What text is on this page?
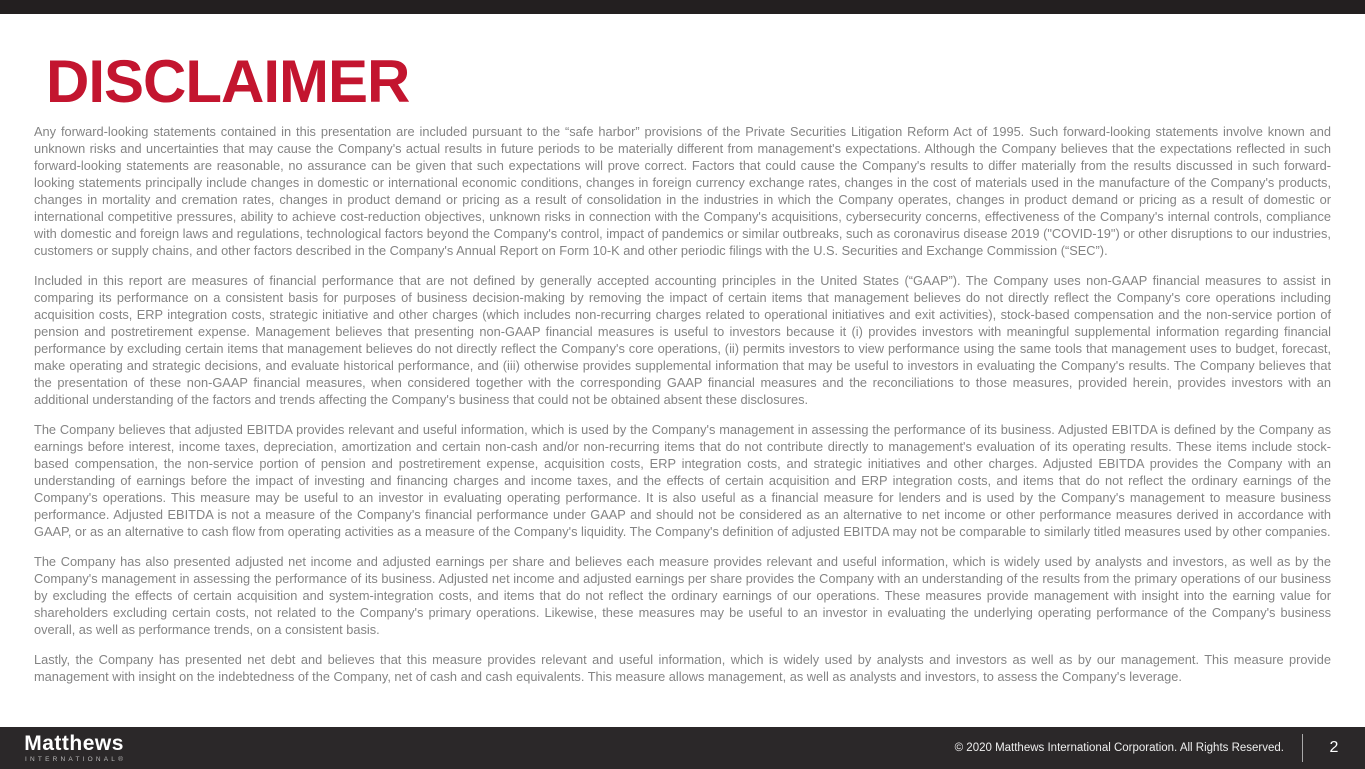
DISCLAIMER

Any forward-looking statements contained in this presentation are included pursuant to the “safe harbor” provisions of the Private Securities Litigation Reform Act of 1995. Such forward-looking statements involve known and unknown risks and uncertainties that may cause the Company's actual results in future periods to be materially different from management's expectations. Although the Company believes that the expectations reflected in such forward-looking statements are reasonable, no assurance can be given that such expectations will prove correct. Factors that could cause the Company's results to differ materially from the results discussed in such forward-looking statements principally include changes in domestic or international economic conditions, changes in foreign currency exchange rates, changes in the cost of materials used in the manufacture of the Company's products, changes in mortality and cremation rates, changes in product demand or pricing as a result of consolidation in the industries in which the Company operates, changes in product demand or pricing as a result of domestic or international competitive pressures, ability to achieve cost-reduction objectives, unknown risks in connection with the Company's acquisitions, cybersecurity concerns, effectiveness of the Company's internal controls, compliance with domestic and foreign laws and regulations, technological factors beyond the Company's control, impact of pandemics or similar outbreaks, such as coronavirus disease 2019 ("COVID-19") or other disruptions to our industries, customers or supply chains, and other factors described in the Company's Annual Report on Form 10-K and other periodic filings with the U.S. Securities and Exchange Commission (“SEC”).

Included in this report are measures of financial performance that are not defined by generally accepted accounting principles in the United States (“GAAP”). The Company uses non-GAAP financial measures to assist in comparing its performance on a consistent basis for purposes of business decision-making by removing the impact of certain items that management believes do not directly reflect the Company's core operations including acquisition costs, ERP integration costs, strategic initiative and other charges (which includes non-recurring charges related to operational initiatives and exit activities), stock-based compensation and the non-service portion of pension and postretirement expense. Management believes that presenting non-GAAP financial measures is useful to investors because it (i) provides investors with meaningful supplemental information regarding financial performance by excluding certain items that management believes do not directly reflect the Company's core operations, (ii) permits investors to view performance using the same tools that management uses to budget, forecast, make operating and strategic decisions, and evaluate historical performance, and (iii) otherwise provides supplemental information that may be useful to investors in evaluating the Company's results. The Company believes that the presentation of these non-GAAP financial measures, when considered together with the corresponding GAAP financial measures and the reconciliations to those measures, provided herein, provides investors with an additional understanding of the factors and trends affecting the Company's business that could not be obtained absent these disclosures.

The Company believes that adjusted EBITDA provides relevant and useful information, which is used by the Company's management in assessing the performance of its business. Adjusted EBITDA is defined by the Company as earnings before interest, income taxes, depreciation, amortization and certain non-cash and/or non-recurring items that do not contribute directly to management's evaluation of its operating results. These items include stock-based compensation, the non-service portion of pension and postretirement expense, acquisition costs, ERP integration costs, and strategic initiatives and other charges. Adjusted EBITDA provides the Company with an understanding of earnings before the impact of investing and financing charges and income taxes, and the effects of certain acquisition and ERP integration costs, and items that do not reflect the ordinary earnings of the Company's operations. This measure may be useful to an investor in evaluating operating performance. It is also useful as a financial measure for lenders and is used by the Company's management to measure business performance. Adjusted EBITDA is not a measure of the Company's financial performance under GAAP and should not be considered as an alternative to net income or other performance measures derived in accordance with GAAP, or as an alternative to cash flow from operating activities as a measure of the Company's liquidity. The Company's definition of adjusted EBITDA may not be comparable to similarly titled measures used by other companies.

The Company has also presented adjusted net income and adjusted earnings per share and believes each measure provides relevant and useful information, which is widely used by analysts and investors, as well as by the Company's management in assessing the performance of its business. Adjusted net income and adjusted earnings per share provides the Company with an understanding of the results from the primary operations of our business by excluding the effects of certain acquisition and system-integration costs, and items that do not reflect the ordinary earnings of our operations. These measures provide management with insight into the earning value for shareholders excluding certain costs, not related to the Company's primary operations. Likewise, these measures may be useful to an investor in evaluating the underlying operating performance of the Company's business overall, as well as performance trends, on a consistent basis.

Lastly, the Company has presented net debt and believes that this measure provides relevant and useful information, which is widely used by analysts and investors as well as by our management. This measure provide management with insight on the indebtedness of the Company, net of cash and cash equivalents. This measure allows management, as well as analysts and investors, to assess the Company's leverage.

Matthews
INTERNATIONAL®
© 2020 Matthews International Corporation. All Rights Reserved.	2
